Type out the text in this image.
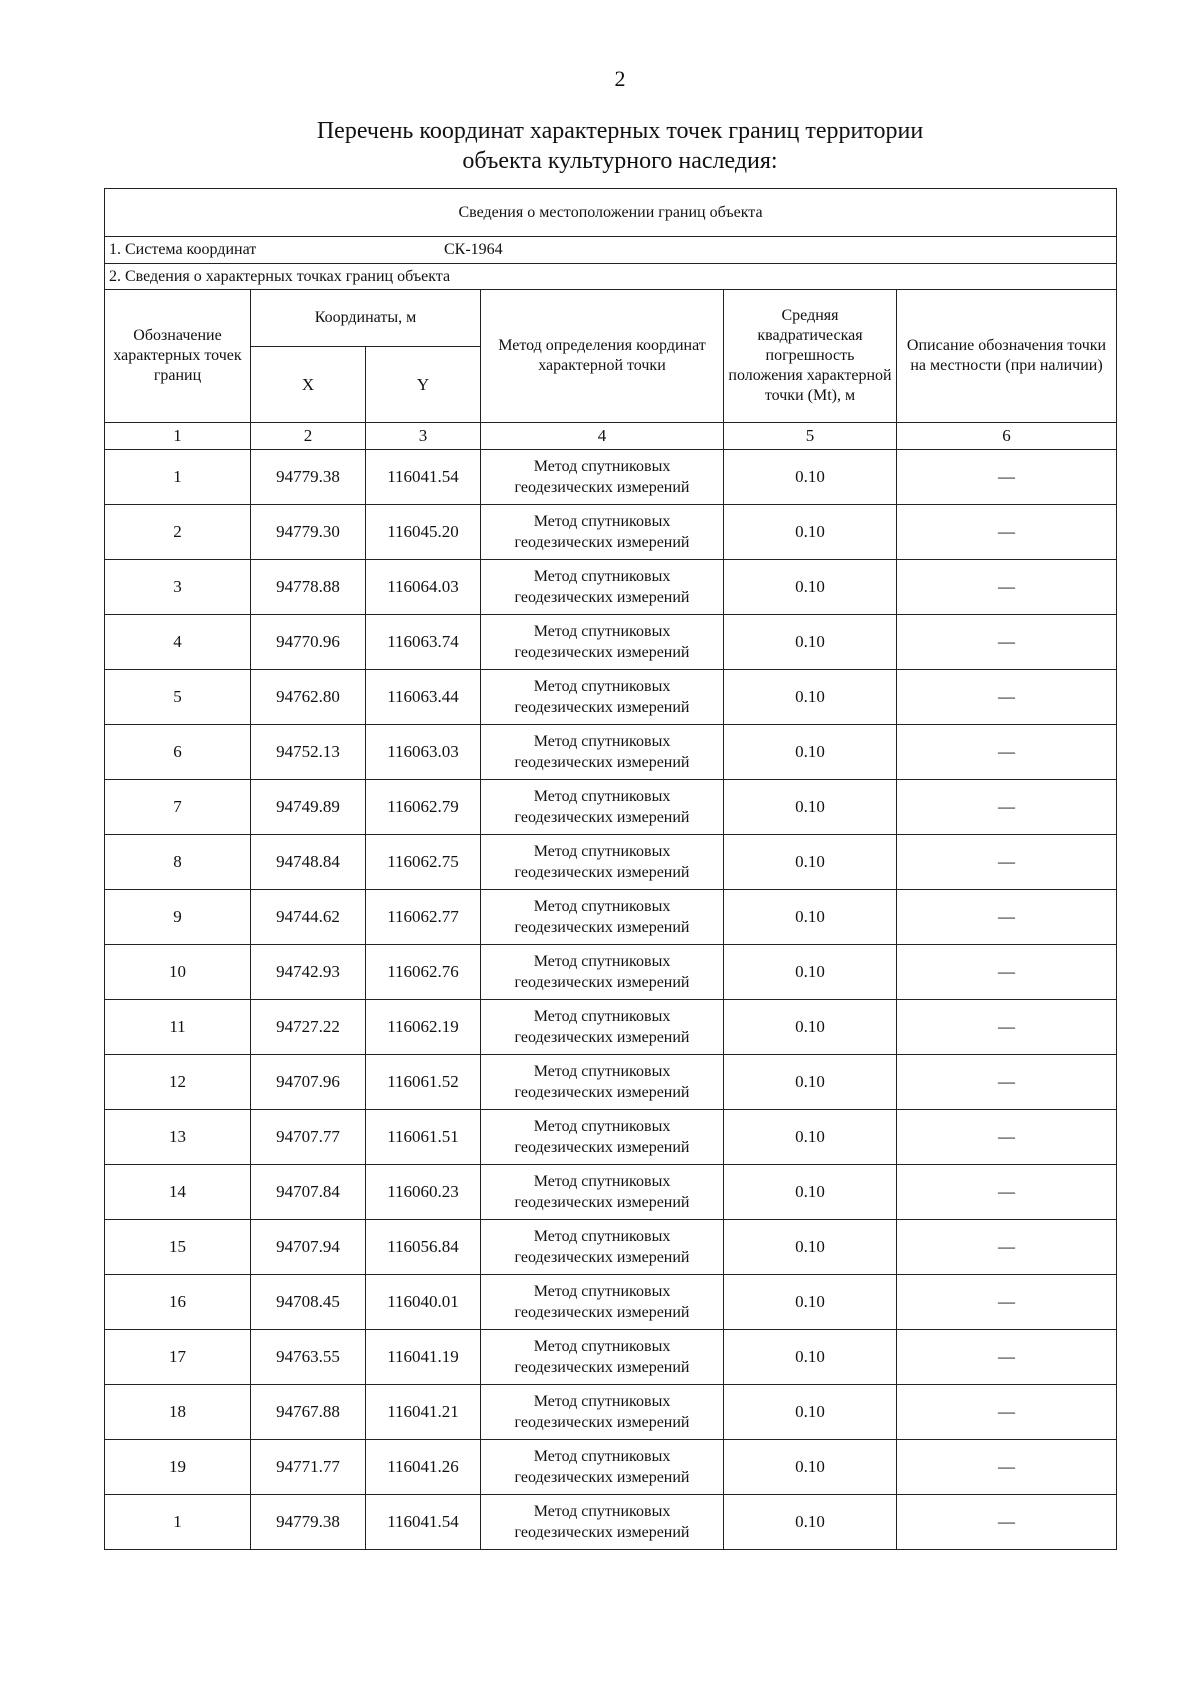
2
Перечень координат характерных точек границ территории
объекта культурного наследия:
Сведения о местоположении границ объекта					
1. Система координат СК-1964					
2. Сведения о характерных точках границ объекта					
Обозначение характерных точек границ	Координаты, м		Метод определения координат характерной точки	Средняя квадратическая погрешность положения характерной точки (Mt), м	Описание обозначения точки на местности (при наличии)
	X	Y			
1	2	3	4	5	6
1	94779.38	116041.54	Метод спутниковых геодезических измерений	0.10	—
2	94779.30	116045.20	Метод спутниковых геодезических измерений	0.10	—
3	94778.88	116064.03	Метод спутниковых геодезических измерений	0.10	—
4	94770.96	116063.74	Метод спутниковых геодезических измерений	0.10	—
5	94762.80	116063.44	Метод спутниковых геодезических измерений	0.10	—
6	94752.13	116063.03	Метод спутниковых геодезических измерений	0.10	—
7	94749.89	116062.79	Метод спутниковых геодезических измерений	0.10	—
8	94748.84	116062.75	Метод спутниковых геодезических измерений	0.10	—
9	94744.62	116062.77	Метод спутниковых геодезических измерений	0.10	—
10	94742.93	116062.76	Метод спутниковых геодезических измерений	0.10	—
11	94727.22	116062.19	Метод спутниковых геодезических измерений	0.10	—
12	94707.96	116061.52	Метод спутниковых геодезических измерений	0.10	—
13	94707.77	116061.51	Метод спутниковых геодезических измерений	0.10	—
14	94707.84	116060.23	Метод спутниковых геодезических измерений	0.10	—
15	94707.94	116056.84	Метод спутниковых геодезических измерений	0.10	—
16	94708.45	116040.01	Метод спутниковых геодезических измерений	0.10	—
17	94763.55	116041.19	Метод спутниковых геодезических измерений	0.10	—
18	94767.88	116041.21	Метод спутниковых геодезических измерений	0.10	—
19	94771.77	116041.26	Метод спутниковых геодезических измерений	0.10	—
1	94779.38	116041.54	Метод спутниковых геодезических измерений	0.10	—
